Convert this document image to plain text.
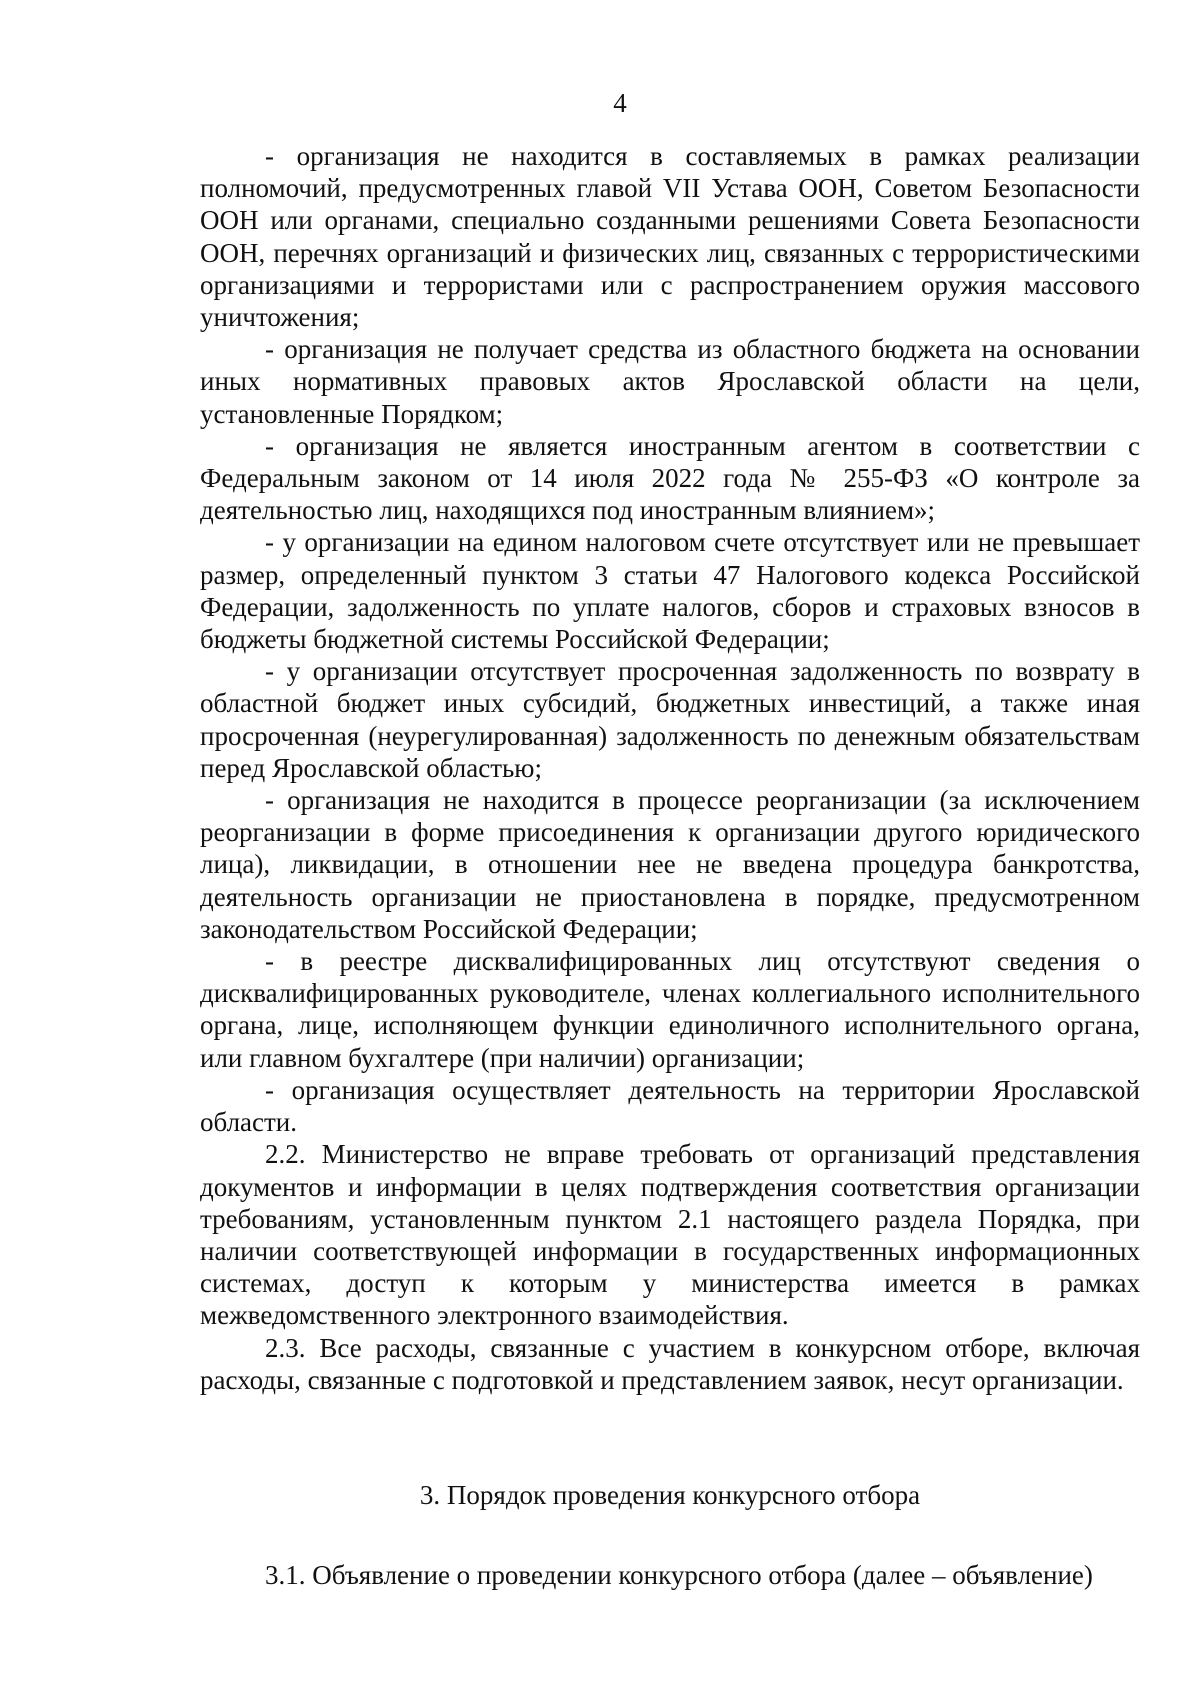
4

- организация не находится в составляемых в рамках реализации полномочий, предусмотренных главой VII Устава ООН, Советом Безопасности ООН или органами, специально созданными решениями Совета Безопасности ООН, перечнях организаций и физических лиц, связанных с террористическими организациями и террористами или с распространением оружия массового уничтожения;

- организация не получает средства из областного бюджета на основании иных нормативных правовых актов Ярославской области на цели, установленные Порядком;

- организация не является иностранным агентом в соответствии с Федеральным законом от 14 июля 2022 года № 255-ФЗ «О контроле за деятельностью лиц, находящихся под иностранным влиянием»;

- у организации на едином налоговом счете отсутствует или не превышает размер, определенный пунктом 3 статьи 47 Налогового кодекса Российской Федерации, задолженность по уплате налогов, сборов и страховых взносов в бюджеты бюджетной системы Российской Федерации;

- у организации отсутствует просроченная задолженность по возврату в областной бюджет иных субсидий, бюджетных инвестиций, а также иная просроченная (неурегулированная) задолженность по денежным обязательствам перед Ярославской областью;

- организация не находится в процессе реорганизации (за исключением реорганизации в форме присоединения к организации другого юридического лица), ликвидации, в отношении нее не введена процедура банкротства, деятельность организации не приостановлена в порядке, предусмотренном законодательством Российской Федерации;

- в реестре дисквалифицированных лиц отсутствуют сведения о дисквалифицированных руководителе, членах коллегиального исполнительного органа, лице, исполняющем функции единоличного исполнительного органа, или главном бухгалтере (при наличии) организации;

- организация осуществляет деятельность на территории Ярославской области.

2.2. Министерство не вправе требовать от организаций представления документов и информации в целях подтверждения соответствия организации требованиям, установленным пунктом 2.1 настоящего раздела Порядка, при наличии соответствующей информации в государственных информационных системах, доступ к которым у министерства имеется в рамках межведомственного электронного взаимодействия.

2.3. Все расходы, связанные с участием в конкурсном отборе, включая расходы, связанные с подготовкой и представлением заявок, несут организации.

3. Порядок проведения конкурсного отбора
3.1. Объявление о проведении конкурсного отбора (далее – объявление)
